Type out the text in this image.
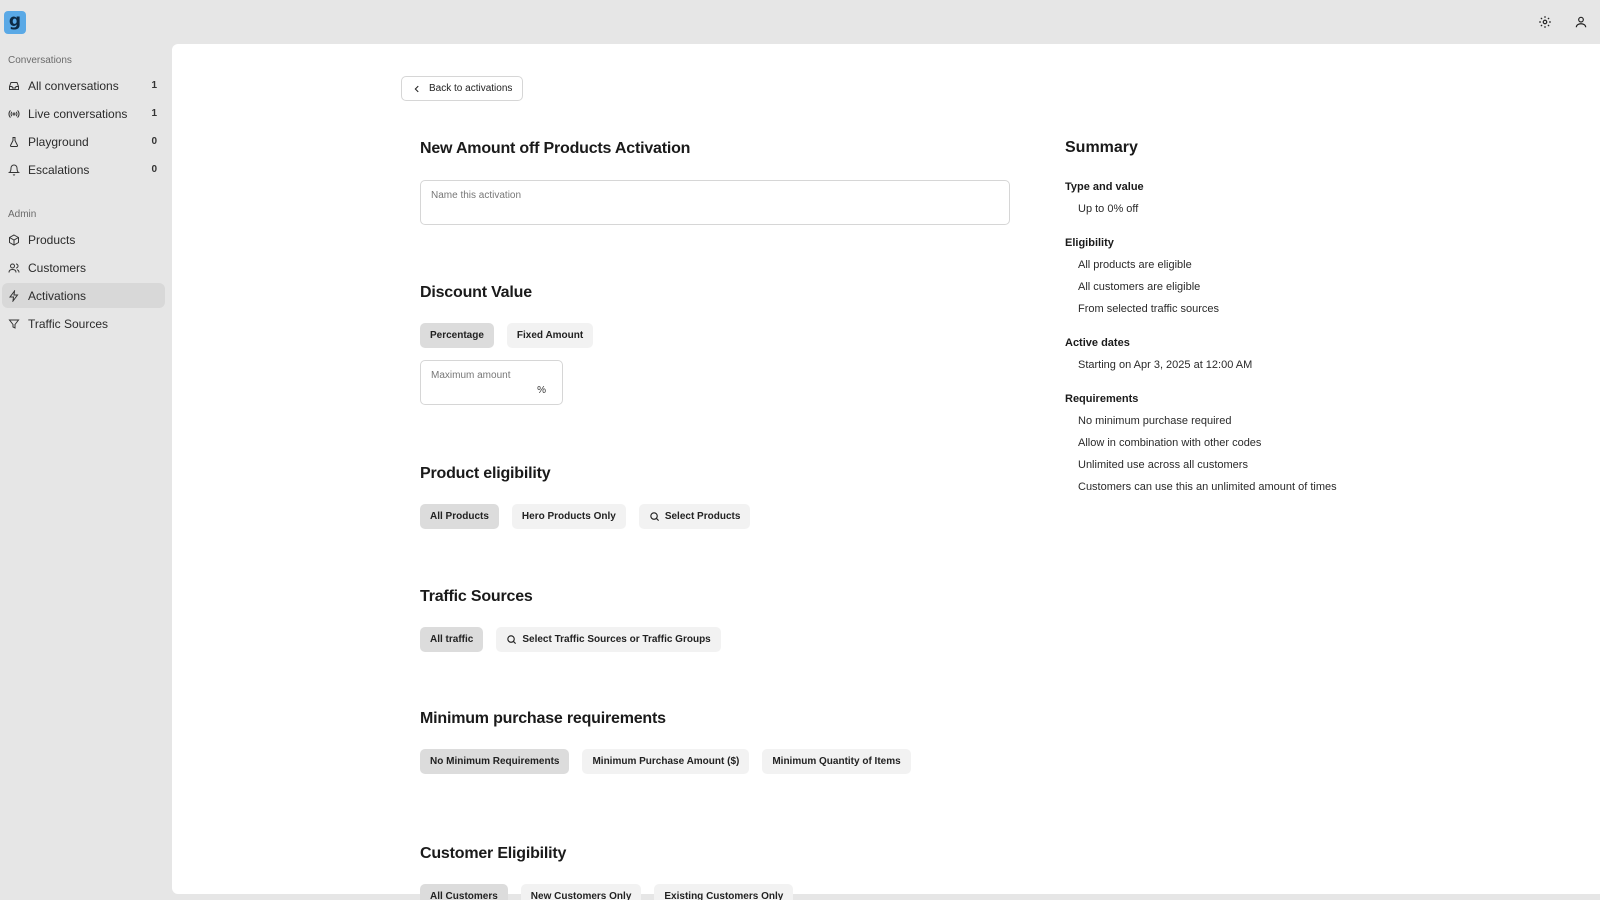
g
Conversations
All conversations	1
Live conversations 1
Playground	0
Escalations	0
Admin
Products
Customers
Activations
Traffic Sources
Back to activations
New Amount off Products Activation
Name this activation
Discount Value
Percentage	Fixed Amount
Maximum amount
%
Product eligibility
All Products	Hero Products Only	Select Products
Traffic Sources
All traffic	Select Traffic Sources or Traffic Groups
Minimum purchase requirements
No Minimum Requirements	Minimum Purchase Amount ($)	Minimum Quantity of Items
Customer Eligibility
All Customers	New Customers Only	Existing Customers Only
Summary
Type and value
Up to 0% off
Eligibility
All products are eligible
All customers are eligible
From selected traffic sources
Active dates
Starting on Apr 3, 2025 at 12:00 AM
Requirements
No minimum purchase required
Allow in combination with other codes
Unlimited use across all customers
Customers can use this an unlimited amount of times
